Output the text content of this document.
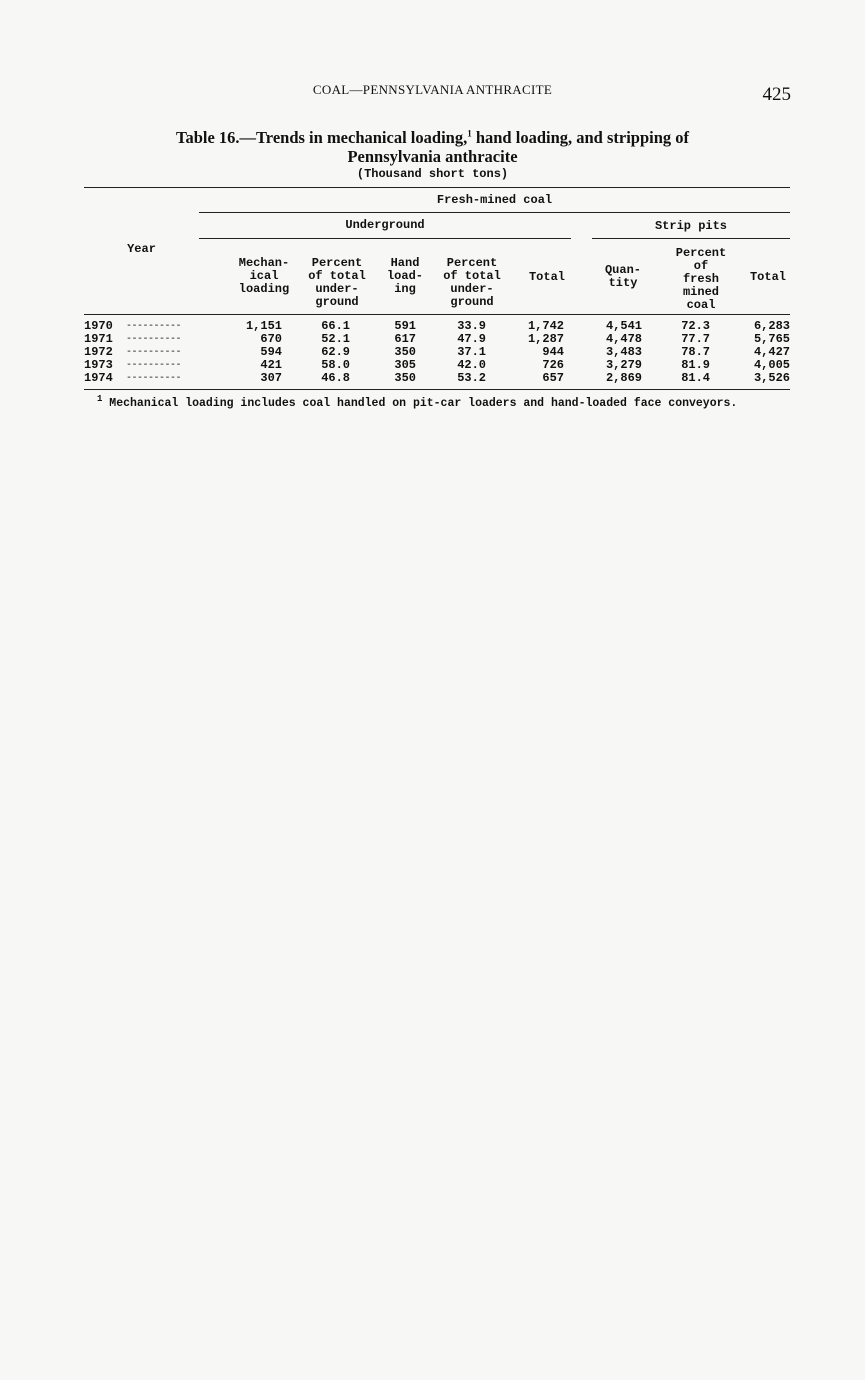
COAL—PENNSYLVANIA ANTHRACITE	425
Table 16.—Trends in mechanical loading,$^1$ hand loading, and stripping of
Pennsylvania anthracite
(Thousand short tons)
Year
Fresh-mined coal
Underground	Strip pits
Mechan-
ical
loading
Percent
of total
under-
ground
Hand
load-
ing
Percent
of total
under-
ground
Total	Quan-
tity
Percent
of
fresh
mined
coal
Total
1970 ----------	1,151	66.1	591	33.9	1,742	4,541	72.3	6,283
1971 ----------	670	52.1	617	47.9	1,287	4,478	77.7	5,765
1972 ----------	594	62.9	350	37.1	944	3,483	78.7	4,427
1973 ----------	421	58.0	305	42.0	726	3,279	81.9	4,005
1974 ----------	307	46.8	350	53.2	657	2,869	81.4	3,526
$^1$ Mechanical loading includes coal handled on pit-car loaders and hand-loaded face conveyors.
